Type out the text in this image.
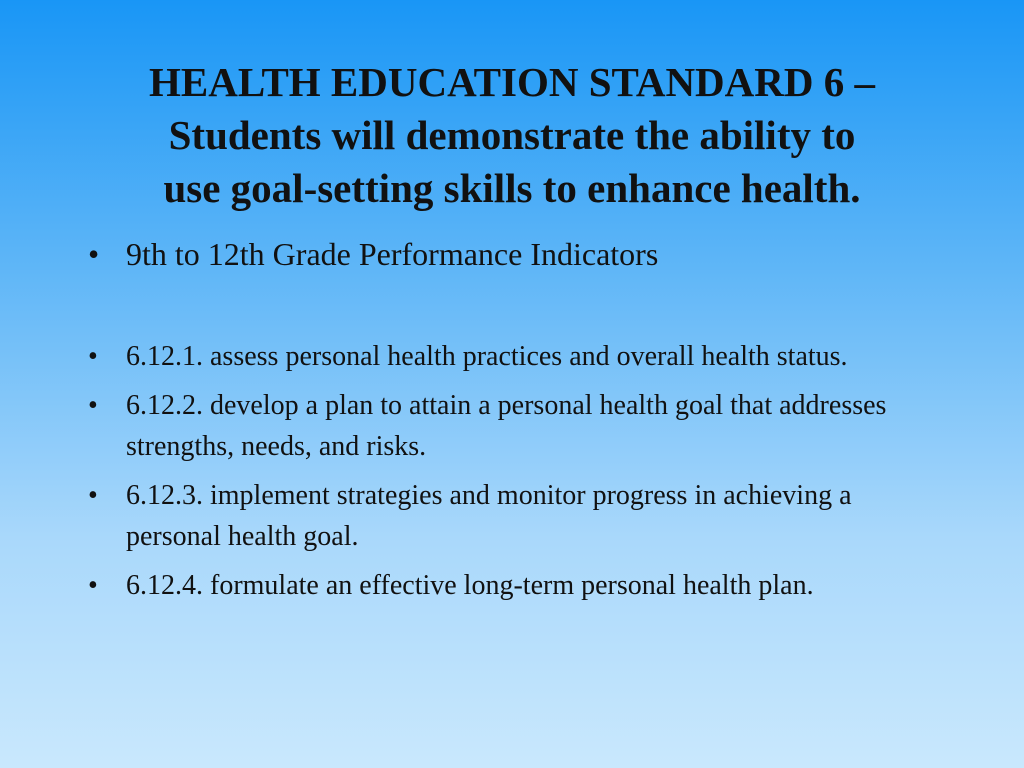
HEALTH EDUCATION STANDARD 6 –
Students will demonstrate the ability to
use goal-setting skills to enhance health.
• 9th to 12th Grade Performance Indicators
• 6.12.1. assess personal health practices and overall health status.
• 6.12.2. develop a plan to attain a personal health goal that addresses strengths, needs, and risks.
• 6.12.3. implement strategies and monitor progress in achieving a personal health goal.
• 6.12.4. formulate an effective long-term personal health plan.
